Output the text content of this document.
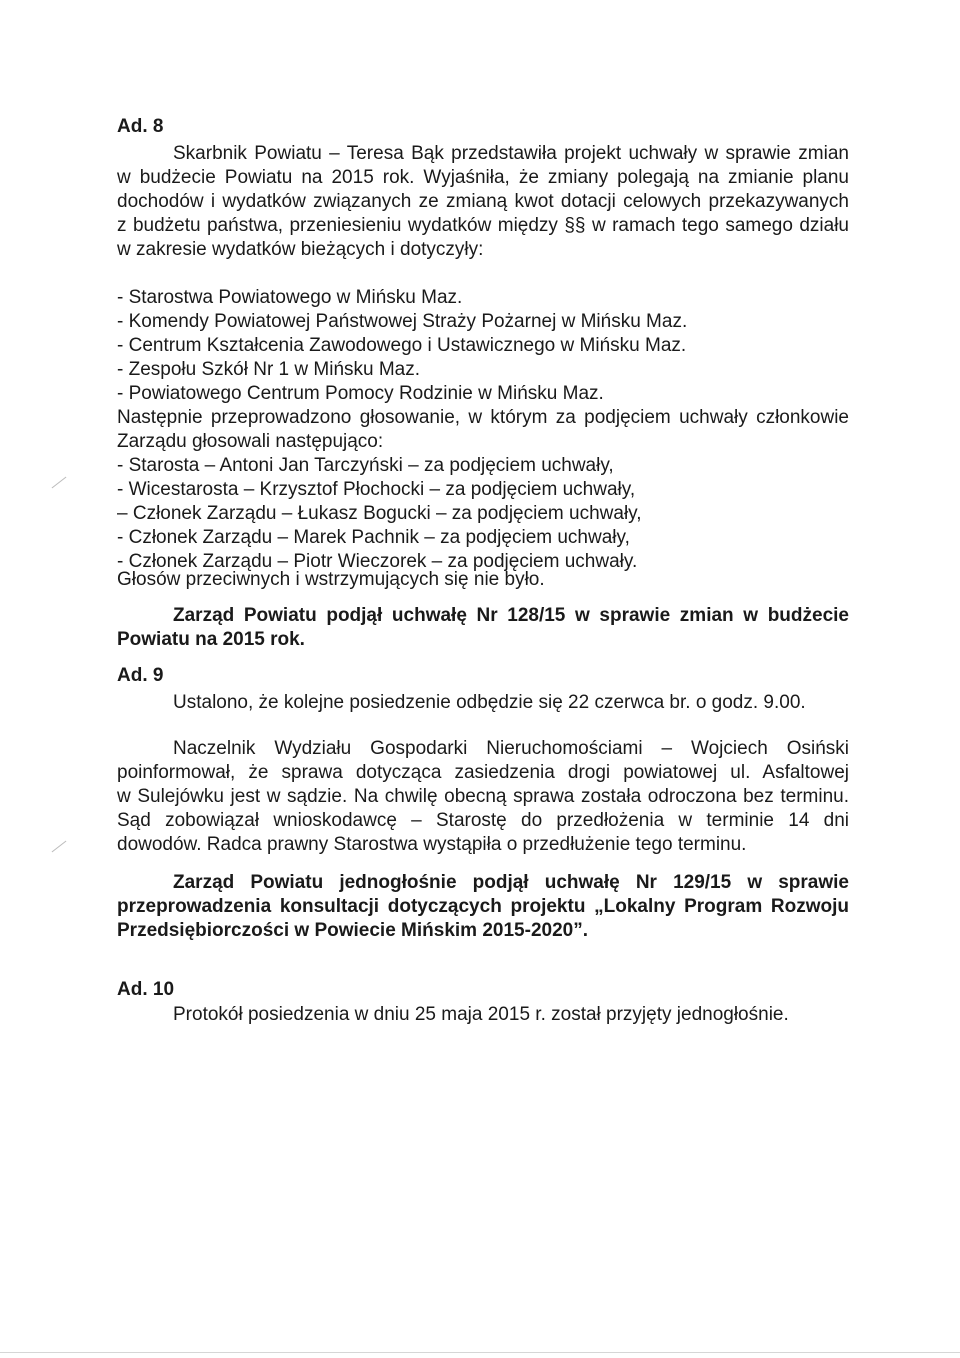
Ad. 8
Skarbnik Powiatu – Teresa Bąk przedstawiła projekt uchwały w sprawie zmian
w budżecie Powiatu na 2015 rok. Wyjaśniła, że zmiany polegają na zmianie planu
dochodów i wydatków związanych ze zmianą kwot dotacji celowych przekazywanych
z budżetu państwa, przeniesieniu wydatków między §§ w ramach tego samego działu
w zakresie wydatków bieżących i dotyczyły:
- Starostwa Powiatowego w Mińsku Maz.
- Komendy Powiatowej Państwowej Straży Pożarnej w Mińsku Maz.
- Centrum Kształcenia Zawodowego i Ustawicznego w Mińsku Maz.
- Zespołu Szkół Nr 1 w Mińsku Maz.
- Powiatowego Centrum Pomocy Rodzinie w Mińsku Maz.
Następnie przeprowadzono głosowanie, w którym za podjęciem uchwały członkowie
Zarządu głosowali następująco:
- Starosta – Antoni Jan Tarczyński – za podjęciem uchwały,
- Wicestarosta – Krzysztof Płochocki – za podjęciem uchwały,
– Członek Zarządu – Łukasz Bogucki – za podjęciem uchwały,
- Członek Zarządu – Marek Pachnik – za podjęciem uchwały,
- Członek Zarządu – Piotr Wieczorek – za podjęciem uchwały.
Głosów przeciwnych i wstrzymujących się nie było.
Zarząd Powiatu podjął uchwałę Nr 128/15 w sprawie zmian w budżecie
Powiatu na 2015 rok.
Ad. 9
Ustalono, że kolejne posiedzenie odbędzie się 22 czerwca br. o godz. 9.00.
Naczelnik Wydziału Gospodarki Nieruchomościami – Wojciech Osiński
poinformował, że sprawa dotycząca zasiedzenia drogi powiatowej ul. Asfaltowej
w Sulejówku jest w sądzie. Na chwilę obecną sprawa została odroczona bez terminu.
Sąd zobowiązał wnioskodawcę – Starostę do przedłożenia w terminie 14 dni
dowodów. Radca prawny Starostwa wystąpiła o przedłużenie tego terminu.
Zarząd Powiatu jednogłośnie podjął uchwałę Nr 129/15 w sprawie
przeprowadzenia konsultacji dotyczących projektu „Lokalny Program Rozwoju
Przedsiębiorczości w Powiecie Mińskim 2015-2020”.
Ad. 10
Protokół posiedzenia w dniu 25 maja 2015 r. został przyjęty jednogłośnie.
